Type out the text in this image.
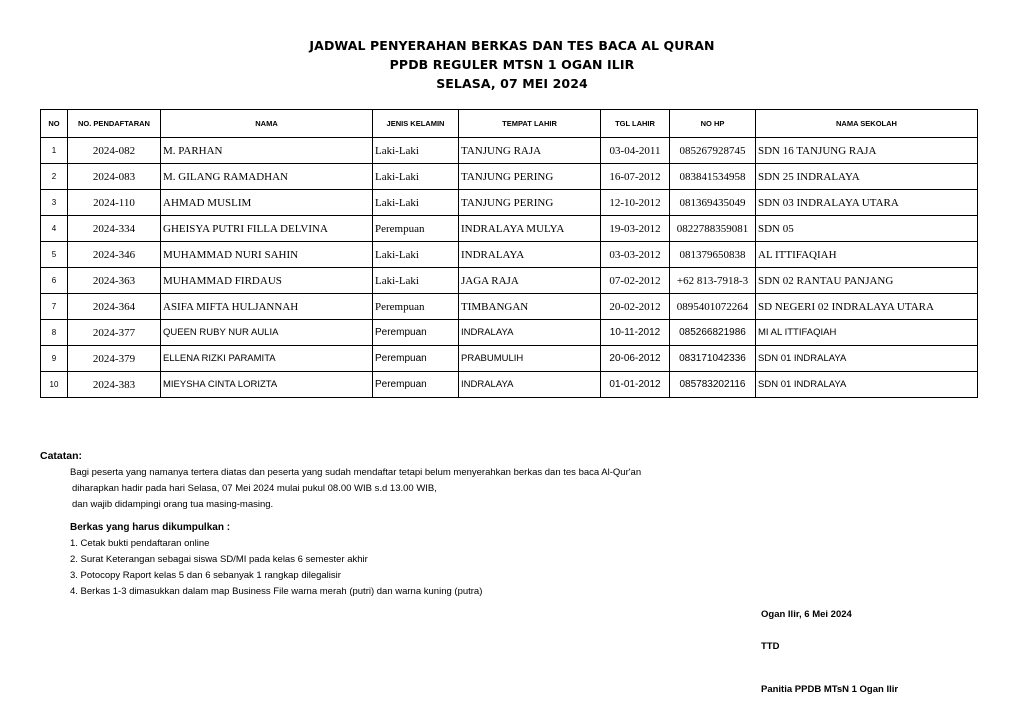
JADWAL PENYERAHAN BERKAS DAN TES BACA AL QURAN
PPDB REGULER MTSN 1 OGAN ILIR
SELASA, 07 MEI 2024
NO	NO. PENDAFTARAN	NAMA	JENIS KELAMIN	TEMPAT LAHIR	TGL LAHIR	NO HP	NAMA SEKOLAH
1	2024-082	M. PARHAN	Laki-Laki	TANJUNG RAJA	03-04-2011	085267928745	SDN 16 TANJUNG RAJA
2	2024-083	M. GILANG RAMADHAN	Laki-Laki	TANJUNG PERING	16-07-2012	083841534958	SDN 25 INDRALAYA
3	2024-110	AHMAD MUSLIM	Laki-Laki	TANJUNG PERING	12-10-2012	081369435049	SDN 03 INDRALAYA UTARA
4	2024-334	GHEISYA PUTRI FILLA DELVINA	Perempuan	INDRALAYA MULYA	19-03-2012	0822788359081	SDN 05
5	2024-346	MUHAMMAD NURI SAHIN	Laki-Laki	INDRALAYA	03-03-2012	081379650838	AL ITTIFAQIAH
6	2024-363	MUHAMMAD FIRDAUS	Laki-Laki	JAGA RAJA	07-02-2012	+62 813-7918-3	SDN 02 RANTAU PANJANG
7	2024-364	ASIFA MIFTA HULJANNAH	Perempuan	TIMBANGAN	20-02-2012	0895401072264	SD NEGERI 02 INDRALAYA UTARA
8	2024-377	QUEEN RUBY NUR AULIA	Perempuan	INDRALAYA	10-11-2012	085266821986	MI AL ITTIFAQIAH
9	2024-379	ELLENA RIZKI PARAMITA	Perempuan	PRABUMULIH	20-06-2012	083171042336	SDN 01 INDRALAYA
10	2024-383	MIEYSHA CINTA LORIZTA	Perempuan	INDRALAYA	01-01-2012	085783202116	SDN 01 INDRALAYA
Catatan:
Bagi peserta yang namanya tertera diatas dan peserta yang sudah mendaftar tetapi belum menyerahkan berkas dan tes baca Al-Qur'an
diharapkan hadir pada hari Selasa, 07 Mei 2024 mulai pukul 08.00 WIB s.d 13.00 WIB,
dan wajib didampingi orang tua masing-masing.
Berkas yang harus dikumpulkan :
1. Cetak bukti pendaftaran online
2. Surat Keterangan sebagai siswa SD/MI pada kelas 6 semester akhir
3. Potocopy Raport kelas 5 dan 6 sebanyak 1 rangkap dilegalisir
4. Berkas 1-3 dimasukkan dalam map Business File warna merah (putri) dan warna kuning (putra)
Ogan Ilir, 6 Mei 2024
TTD
Panitia PPDB MTsN 1 Ogan Ilir
